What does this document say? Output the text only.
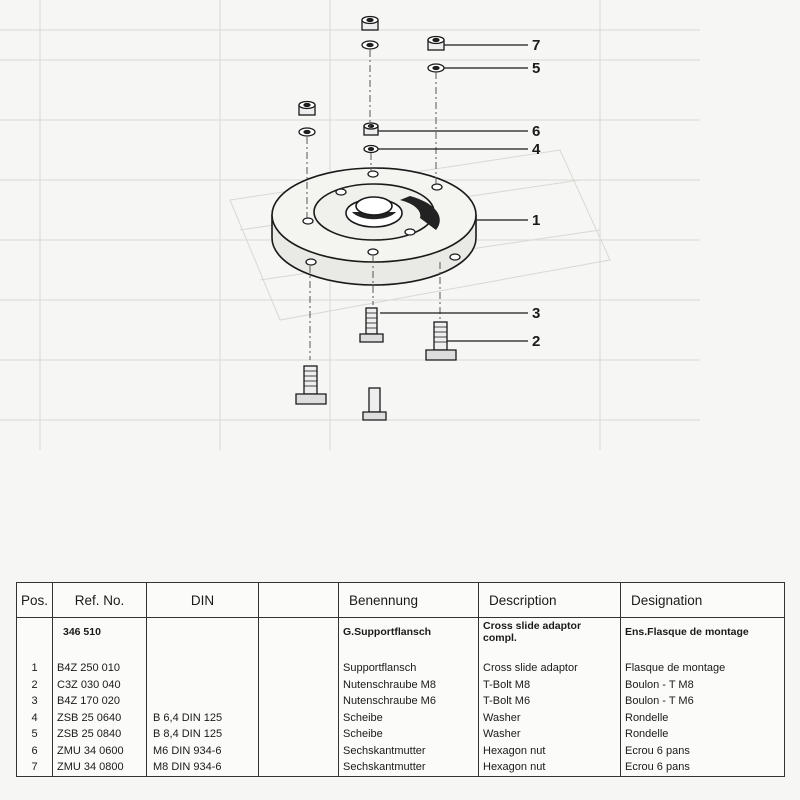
7
5
6
4
1
3
2
Pos.	Ref. No.	DIN		Benennung	Description	Designation
	346 510			G.Supportflansch	Cross slide adaptor compl.	Ens.Flasque de montage

1	B4Z 250 010			Supportflansch	Cross slide adaptor	Flasque de montage
2	C3Z 030 040			Nutenschraube M8	T-Bolt M8	Boulon - T M8
3	B4Z 170 020			Nutenschraube M6	T-Bolt M6	Boulon - T M6
4	ZSB 25 0640	B 6,4 DIN 125		Scheibe	Washer	Rondelle
5	ZSB 25 0840	B 8,4 DIN 125		Scheibe	Washer	Rondelle
6	ZMU 34 0600	M6 DIN 934-6		Sechskantmutter	Hexagon nut	Ecrou 6 pans
7	ZMU 34 0800	M8 DIN 934-6		Sechskantmutter	Hexagon nut	Ecrou 6 pans
